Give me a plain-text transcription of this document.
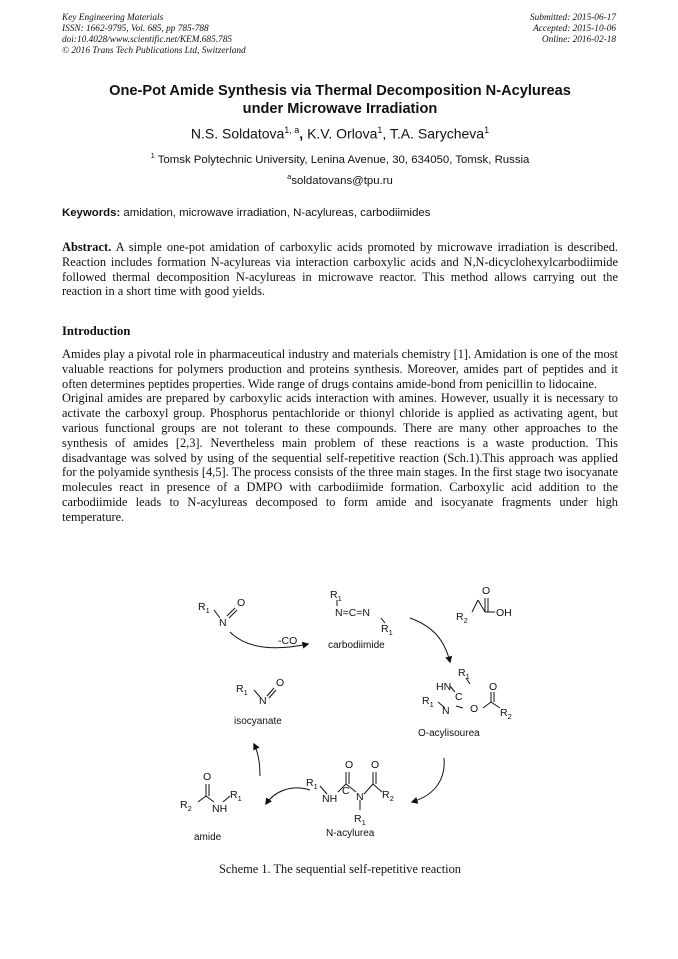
Key Engineering Materials
ISSN: 1662-9795, Vol. 685, pp 785-788
doi:10.4028/www.scientific.net/KEM.685.785
© 2016 Trans Tech Publications Ltd, Switzerland
Submitted: 2015-06-17
Accepted: 2015-10-06
Online: 2016-02-18
One-Pot Amide Synthesis via Thermal Decomposition N-Acylureas
under Microwave Irradiation
N.S. Soldatova$^{1, a}$, K.V. Orlova$^1$, T.A. Sarycheva$^1$
$^1$ Tomsk Polytechnic University, Lenina Avenue, 30, 634050, Tomsk, Russia
$^a$soldatovans@tpu.ru
Keywords: amidation, microwave irradiation, N-acylureas, carbodiimides

Abstract. A simple one-pot amidation of carboxylic acids promoted by microwave irradiation is described. Reaction includes formation N-acylureas via interaction carboxylic acids and N,N-dicyclohexylcarbodiimide followed thermal decomposition N-acylureas in microwave reactor. This method allows carrying out the reaction in a short time with good yields.

Introduction
Amides play a pivotal role in pharmaceutical industry and materials chemistry [1]. Amidation is one of the most valuable reactions for polymers production and proteins synthesis. Moreover, amides part of peptides and it often determines peptides properties. Wide range of drugs contains amide-bond from penicillin to lidocaine.
Original amides are prepared by carboxylic acids interaction with amines. However, usually it is necessary to activate the carboxyl group. Phosphorus pentachloride or thionyl chloride is applied as activating agent, but various functional groups are not tolerant to these compounds. There are many other approaches to the synthesis of amides [2,3]. Nevertheless main problem of these reactions is a waste production. This disadvantage was solved by using of the sequential self-repetitive reaction (Sch.1).This approach was applied for the polyamide synthesis [4,5]. The process consists of the three main stages. In the first stage two isocyanate molecules react in presence of a DMPO with carbodiimide formation. Carboxylic acid addition to the carbodiimide leads to N-acylureas decomposed to form amide and isocyanate fragments under high temperature.
$R_1$
N
O
-CO
$R_1$
N=C=N
$R_1$
carbodiimide
O
$R_2$
OH
$R_1$
N
O
isocyanate
HN
$R_1$
$R_1$
N
C
O
O
$R_2$
O-acylisourea
$R_1$
NH
O
C N
$R_1$
O
$R_2$
N-acylurea
O
$R_2$ NH
$R_1$
amide
Scheme 1. The sequential self-repetitive reaction
